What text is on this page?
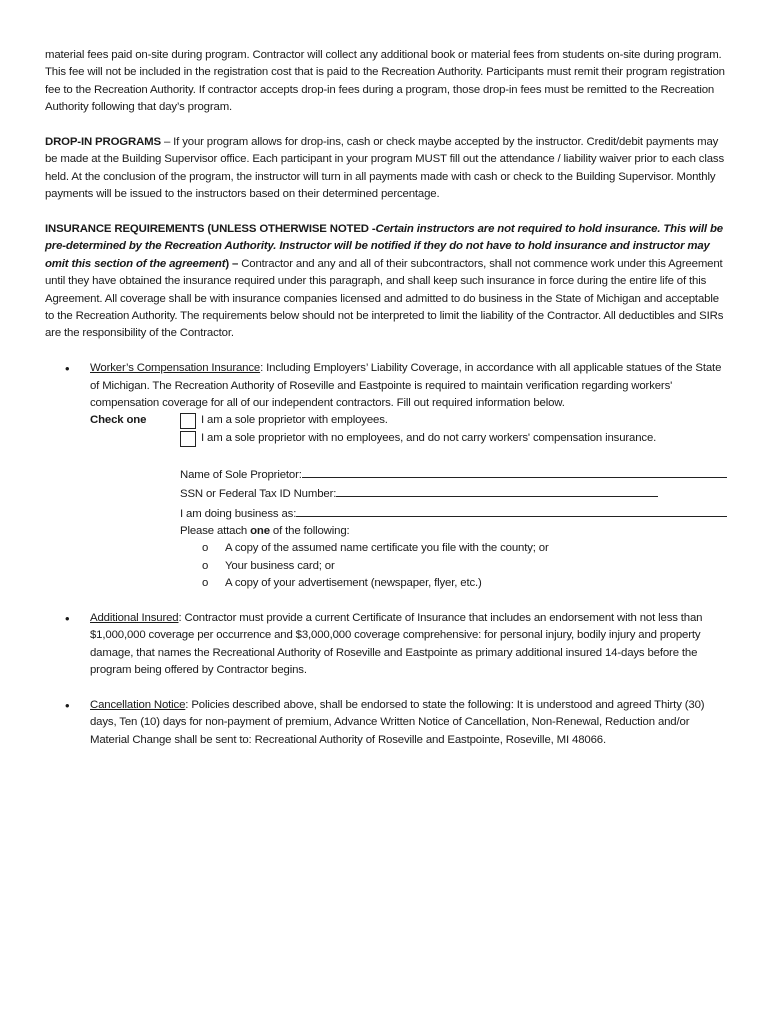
material fees paid on-site during program. Contractor will collect any additional book or material fees from students on-site during program. This fee will not be included in the registration cost that is paid to the Recreation Authority. Participants must remit their program registration fee to the Recreation Authority. If contractor accepts drop-in fees during a program, those drop-in fees must be remitted to the Recreation Authority following that day’s program.

DROP-IN PROGRAMS – If your program allows for drop-ins, cash or check maybe accepted by the instructor. Credit/debit payments may be made at the Building Supervisor office. Each participant in your program MUST fill out the attendance / liability waiver prior to each class held. At the conclusion of the program, the instructor will turn in all payments made with cash or check to the Building Supervisor. Monthly payments will be issued to the instructors based on their determined percentage.

INSURANCE REQUIREMENTS (UNLESS OTHERWISE NOTED -Certain instructors are not required to hold insurance. This will be pre-determined by the Recreation Authority. Instructor will be notified if they do not have to hold insurance and instructor may omit this section of the agreement) – Contractor and any and all of their subcontractors, shall not commence work under this Agreement until they have obtained the insurance required under this paragraph, and shall keep such insurance in force during the entire life of this Agreement. All coverage shall be with insurance companies licensed and admitted to do business in the State of Michigan and acceptable to the Recreation Authority. The requirements below should not be interpreted to limit the liability of the Contractor. All deductibles and SIRs are the responsibility of the Contractor.

• Worker’s Compensation Insurance: Including Employers’ Liability Coverage, in accordance with all applicable statues of the State of Michigan. The Recreation Authority of Roseville and Eastpointe is required to maintain verification regarding workers' compensation coverage for all of our independent contractors. Fill out required information below.
Check one	I am a sole proprietor with employees.
I am a sole proprietor with no employees, and do not carry workers' compensation insurance.
Name of Sole Proprietor:
SSN or Federal Tax ID Number:
I am doing business as:
Please attach one of the following:
o A copy of the assumed name certificate you file with the county; or
o Your business card; or
o A copy of your advertisement (newspaper, flyer, etc.)
• Additional Insured: Contractor must provide a current Certificate of Insurance that includes an endorsement with not less than $1,000,000 coverage per occurrence and $3,000,000 coverage comprehensive: for personal injury, bodily injury and property damage, that names the Recreational Authority of Roseville and Eastpointe as primary additional insured 14-days before the program being offered by Contractor begins.
• Cancellation Notice: Policies described above, shall be endorsed to state the following: It is understood and agreed Thirty (30) days, Ten (10) days for non-payment of premium, Advance Written Notice of Cancellation, Non-Renewal, Reduction and/or Material Change shall be sent to: Recreational Authority of Roseville and Eastpointe, Roseville, MI 48066.
